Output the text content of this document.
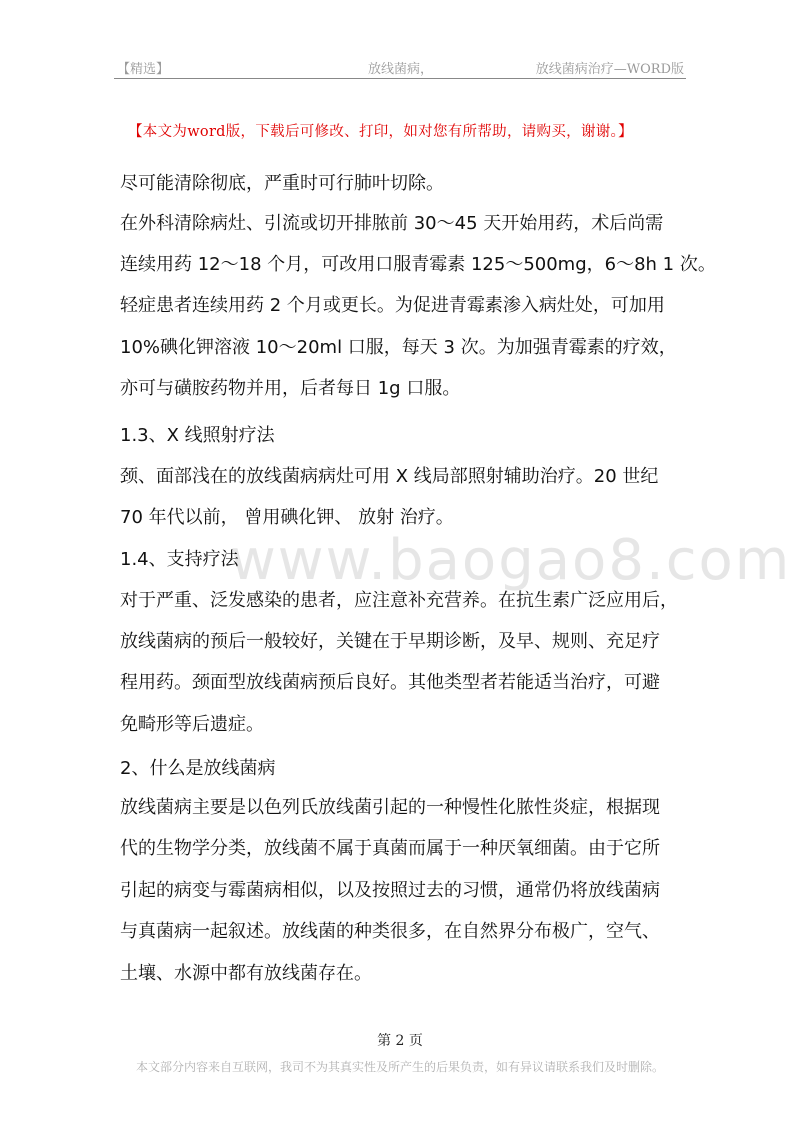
【精选】	放线菌病，	放线菌病治疗—WORD版
【本文为word版，下载后可修改、打印，如对您有所帮助，请购买，谢谢。】
www.baogao8.com
尽可能清除彻底，严重时可行肺叶切除。
在外科清除病灶、引流或切开排脓前 30～45 天开始用药，术后尚需
连续用药 12～18 个月，可改用口服青霉素 125～500mg，6～8h 1 次。
轻症患者连续用药 2 个月或更长。为促进青霉素渗入病灶处，可加用
10%碘化钾溶液 10～20ml 口服，每天 3 次。为加强青霉素的疗效，
亦可与磺胺药物并用，后者每日 1g 口服。
1.3、X 线照射疗法
颈、面部浅在的放线菌病病灶可用 X 线局部照射辅助治疗。20 世纪
70 年代以前， 曾用碘化钾、 放射 治疗。
1.4、支持疗法
对于严重、泛发感染的患者，应注意补充营养。在抗生素广泛应用后，
放线菌病的预后一般较好，关键在于早期诊断，及早、规则、充足疗
程用药。颈面型放线菌病预后良好。其他类型者若能适当治疗，可避
免畸形等后遗症。
2、什么是放线菌病
放线菌病主要是以色列氏放线菌引起的一种慢性化脓性炎症，根据现
代的生物学分类，放线菌不属于真菌而属于一种厌氧细菌。由于它所
引起的病变与霉菌病相似，以及按照过去的习惯，通常仍将放线菌病
与真菌病一起叙述。放线菌的种类很多，在自然界分布极广，空气、
土壤、水源中都有放线菌存在。
第 2 页
本文部分内容来自互联网，我司不为其真实性及所产生的后果负责，如有异议请联系我们及时删除。
